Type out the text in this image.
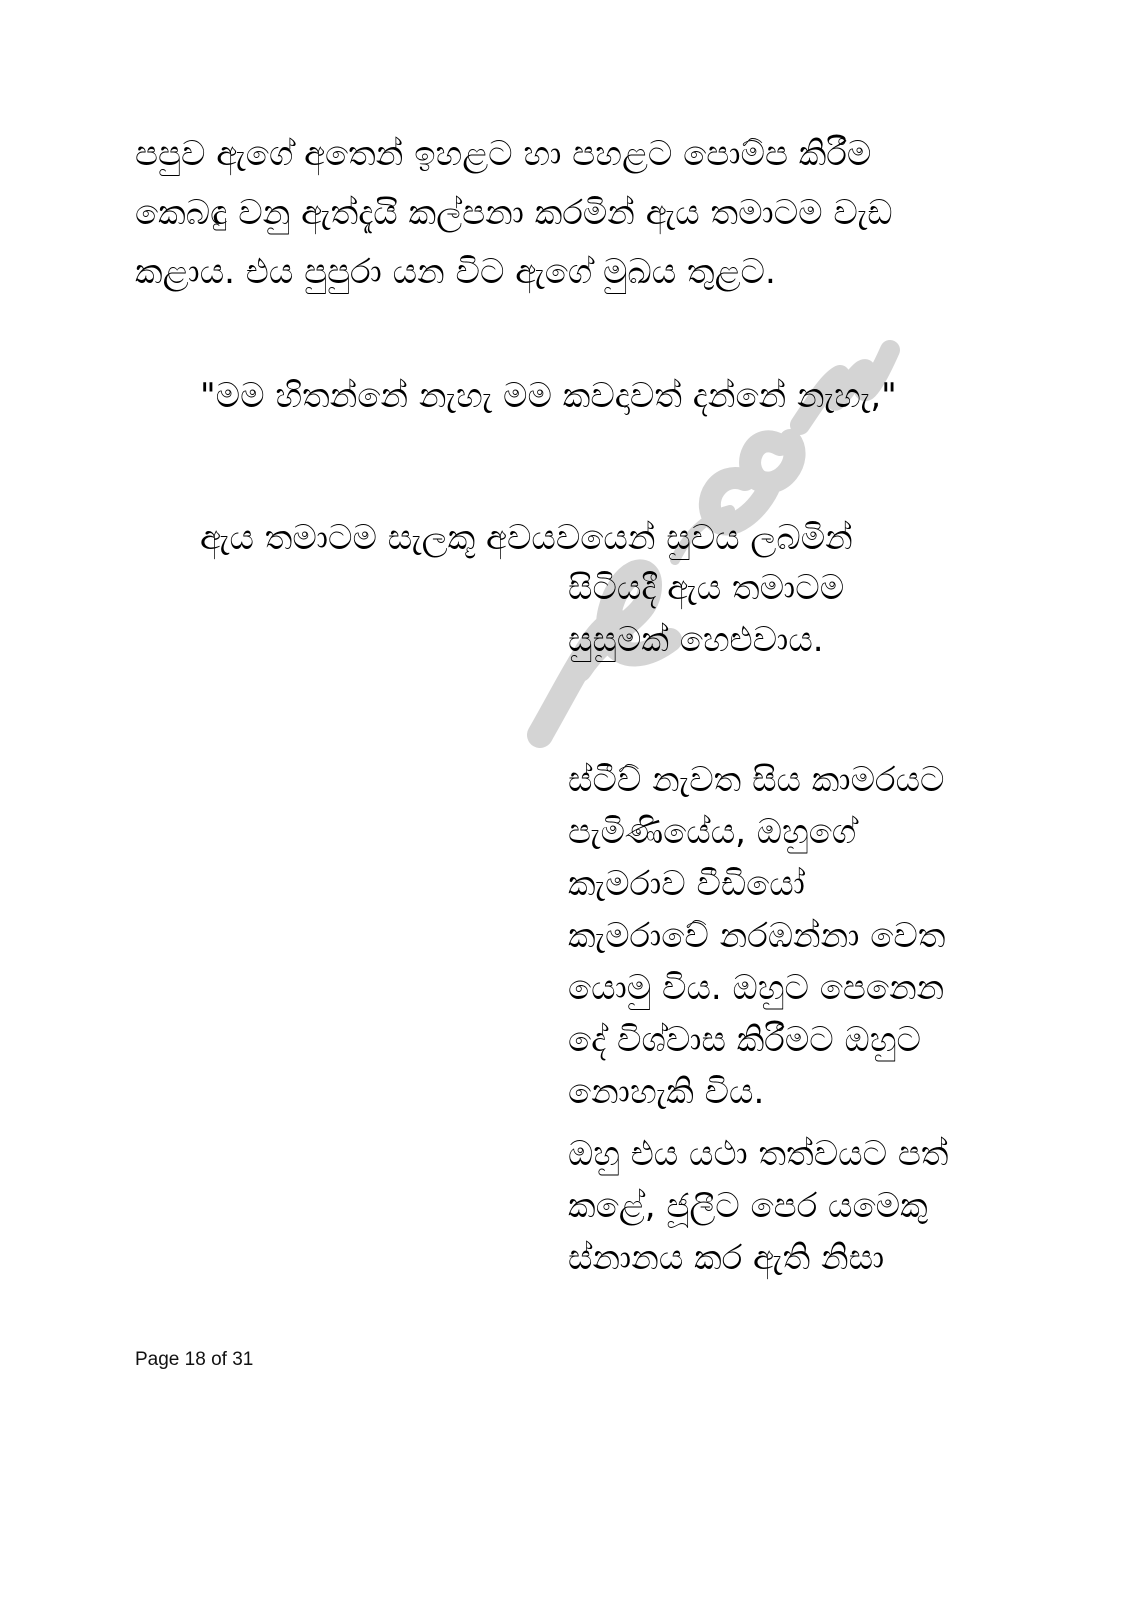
පපුව ඇගේ අතෙන් ඉහළට හා පහළට පොම්ප කිරීම
කෙබඳු වනු ඇත්දැයි කල්පනා කරමින් ඇය තමාටම වැඩ
කළාය. එය පුපුරා යන විට ඇගේ මුඛය තුළට.
"මම හිතන්නේ නැහැ මම කවදාවත් දන්නේ නැහැ,"
ඇය තමාටම සැලකූ අවයවයෙන් සුවය ලබමින්
සිටියදී ඇය තමාටම
සුසුමක් හෙළුවාය.
ස්ටීව් නැවත සිය කාමරයට
පැමිණියේය, ඔහුගේ
කැමරාව වීඩියෝ
කැමරාවේ නරඹන්නා වෙත
යොමු විය. ඔහුට පෙනෙන
දේ විශ්වාස කිරීමට ඔහුට
නොහැකි විය.
ඔහු එය යථා තත්වයට පත්
කළේ, ජූලීට පෙර යමෙකු
ස්නානය කර ඇති නිසා
Page 18 of 31
